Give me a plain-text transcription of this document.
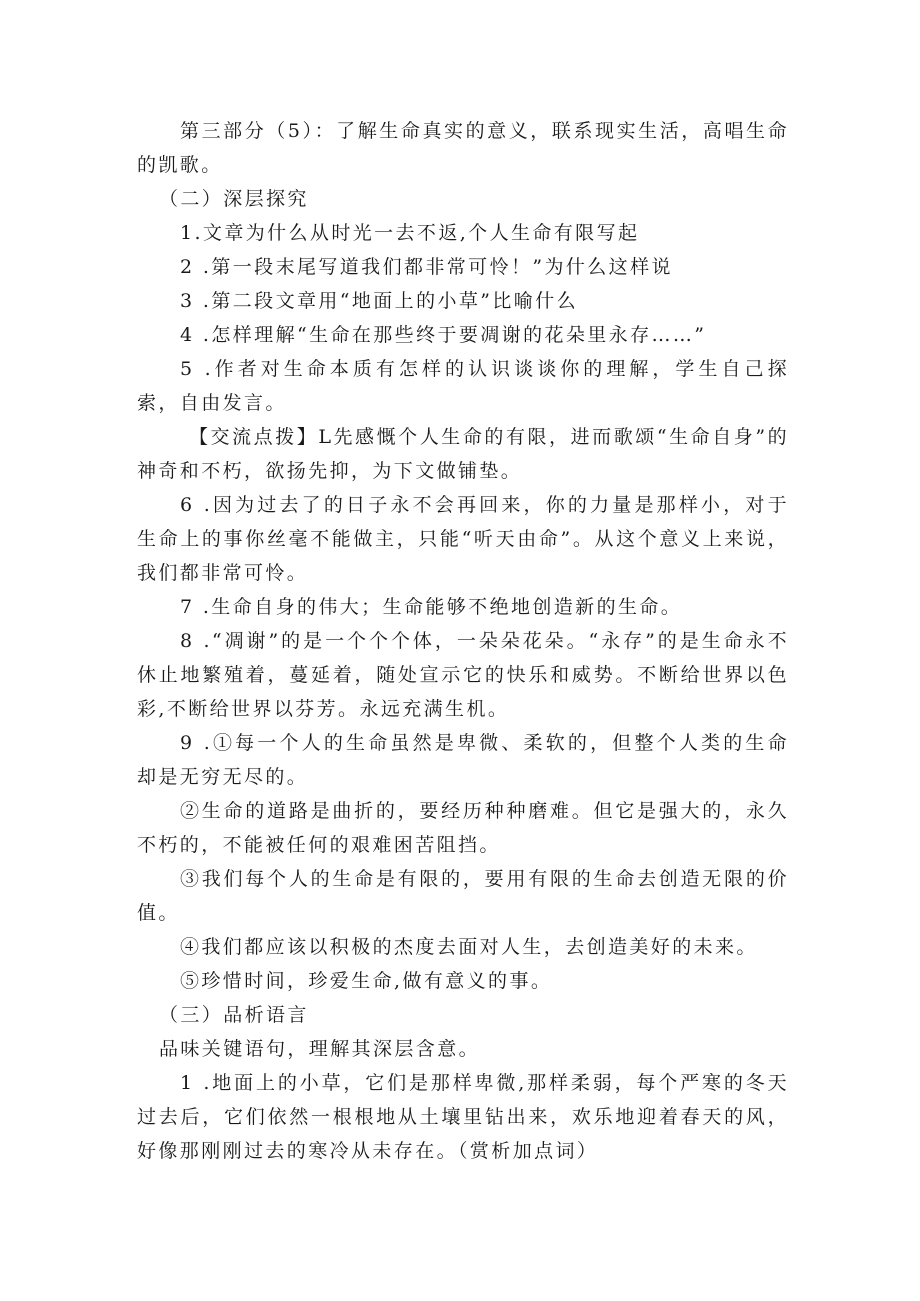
第三部分（5）：了解生命真实的意义，联系现实生活，高唱生命的凯歌。

（二）深层探究

1.文章为什么从时光一去不返,个人生命有限写起

2 .第一段末尾写道我们都非常可怜！”为什么这样说

3 .第二段文章用“地面上的小草”比喻什么

4 .怎样理解“生命在那些终于要凋谢的花朵里永存……”

5 .作者对生命本质有怎样的认识谈谈你的理解，学生自己探索，自由发言。

【交流点拨】L先感慨个人生命的有限，进而歌颂“生命自身”的神奇和不朽，欲扬先抑，为下文做铺垫。

6 .因为过去了的日子永不会再回来，你的力量是那样小，对于生命上的事你丝毫不能做主，只能“听天由命”。从这个意义上来说，我们都非常可怜。

7 .生命自身的伟大；生命能够不绝地创造新的生命。

8 .“凋谢”的是一个个个体，一朵朵花朵。“永存”的是生命永不休止地繁殖着，蔓延着，随处宣示它的快乐和威势。不断给世界以色彩,不断给世界以芬芳。永远充满生机。

9 .①每一个人的生命虽然是卑微、柔软的，但整个人类的生命却是无穷无尽的。

②生命的道路是曲折的，要经历种种磨难。但它是强大的，永久不朽的，不能被任何的艰难困苦阻挡。

③我们每个人的生命是有限的，要用有限的生命去创造无限的价值。

④我们都应该以积极的杰度去面对人生，去创造美好的未来。

⑤珍惜时间，珍爱生命,做有意义的事。

（三）品析语言

品味关键语句，理解其深层含意。

1 .地面上的小草，它们是那样卑微,那样柔弱，每个严寒的冬天过去后，它们依然一根根地从土壤里钻出来，欢乐地迎着春天的风，好像那刚刚过去的寒冷从未存在。（赏析加点词）
